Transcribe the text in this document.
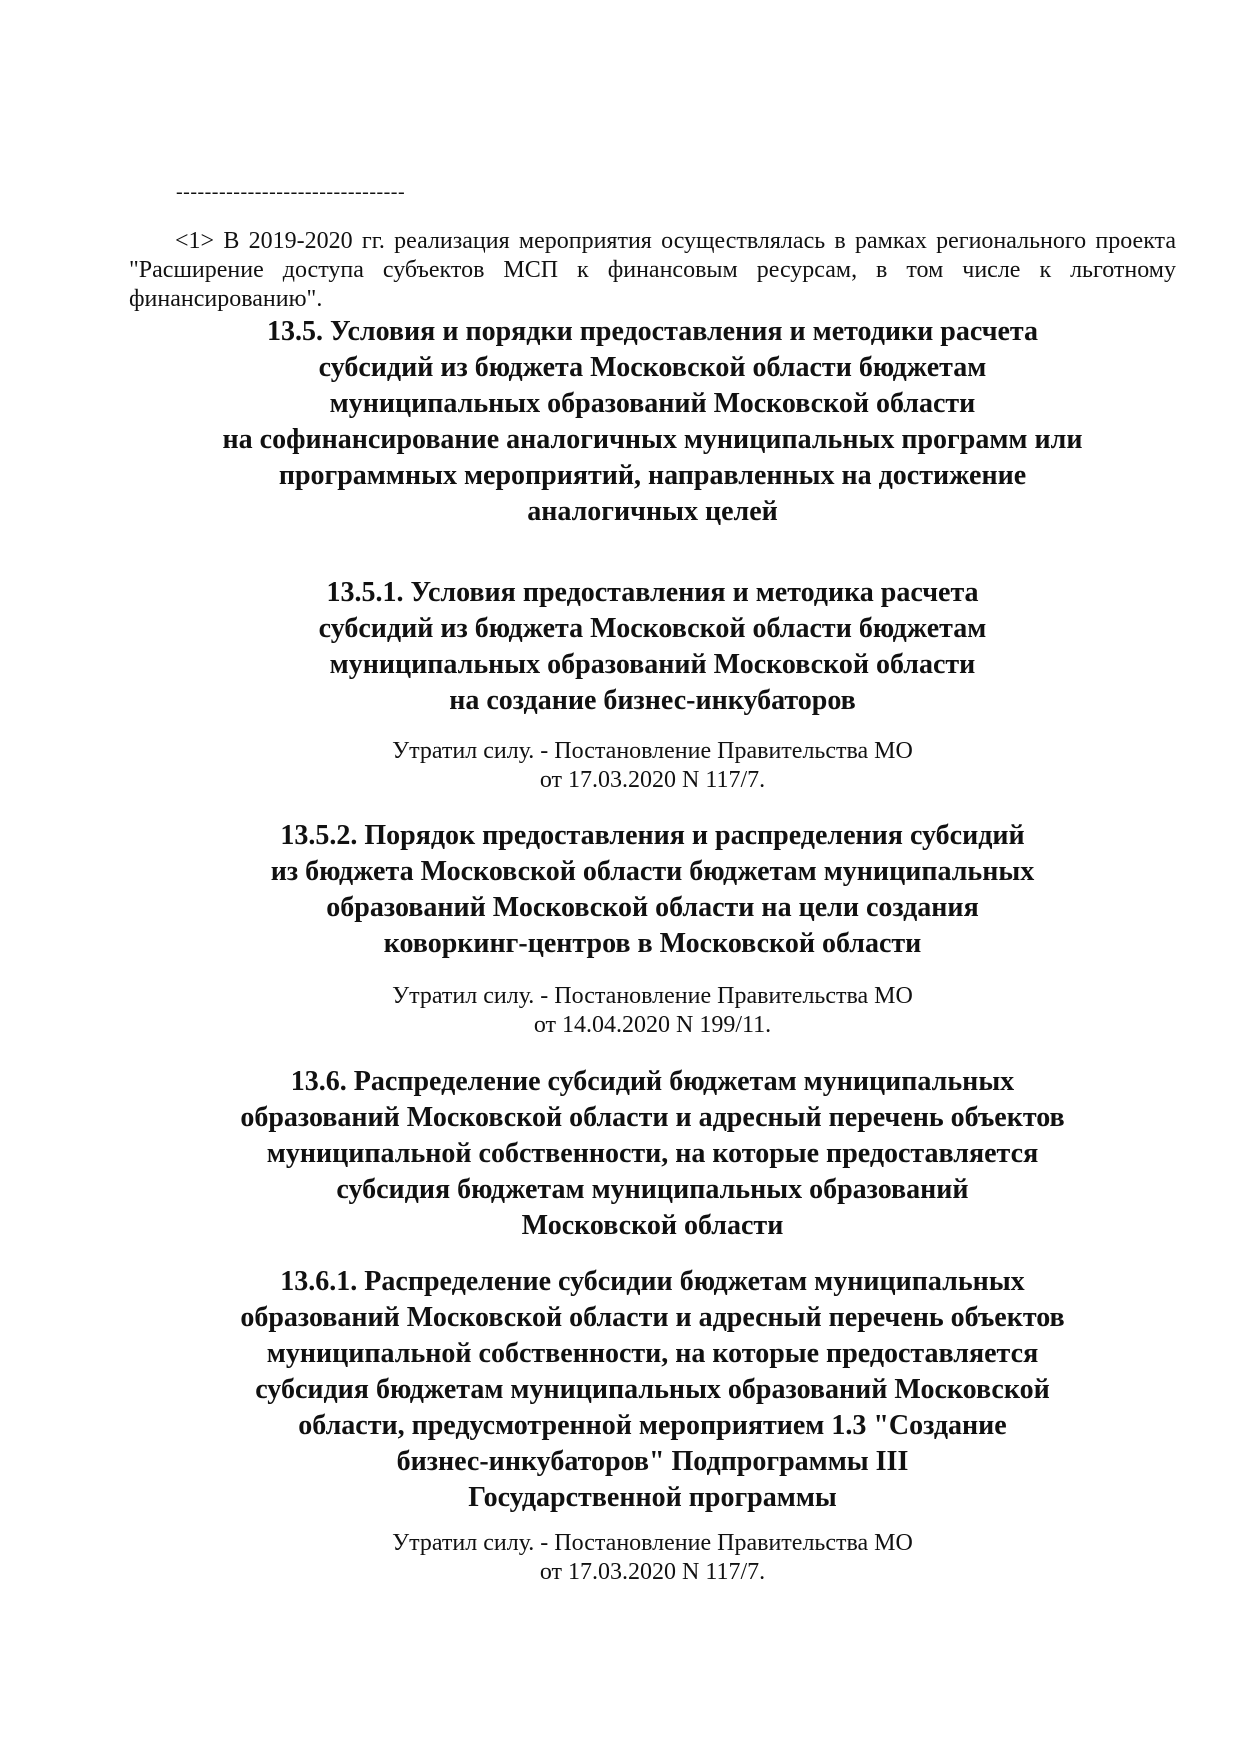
--------------------------------

<1> В 2019-2020 гг. реализация мероприятия осуществлялась в рамках регионального проекта "Расширение доступа субъектов МСП к финансовым ресурсам, в том числе к льготному финансированию".

13.5. Условия и порядки предоставления и методики расчета
субсидий из бюджета Московской области бюджетам
муниципальных образований Московской области
на софинансирование аналогичных муниципальных программ или
программных мероприятий, направленных на достижение
аналогичных целей
13.5.1. Условия предоставления и методика расчета
субсидий из бюджета Московской области бюджетам
муниципальных образований Московской области
на создание бизнес-инкубаторов

Утратил силу. - Постановление Правительства МО
от 17.03.2020 N 117/7.

13.5.2. Порядок предоставления и распределения субсидий
из бюджета Московской области бюджетам муниципальных
образований Московской области на цели создания
коворкинг-центров в Московской области

Утратил силу. - Постановление Правительства МО
от 14.04.2020 N 199/11.

13.6. Распределение субсидий бюджетам муниципальных
образований Московской области и адресный перечень объектов
муниципальной собственности, на которые предоставляется
субсидия бюджетам муниципальных образований
Московской области
13.6.1. Распределение субсидии бюджетам муниципальных
образований Московской области и адресный перечень объектов
муниципальной собственности, на которые предоставляется
субсидия бюджетам муниципальных образований Московской
области, предусмотренной мероприятием 1.3 "Создание
бизнес-инкубаторов" Подпрограммы III
Государственной программы

Утратил силу. - Постановление Правительства МО
от 17.03.2020 N 117/7.
